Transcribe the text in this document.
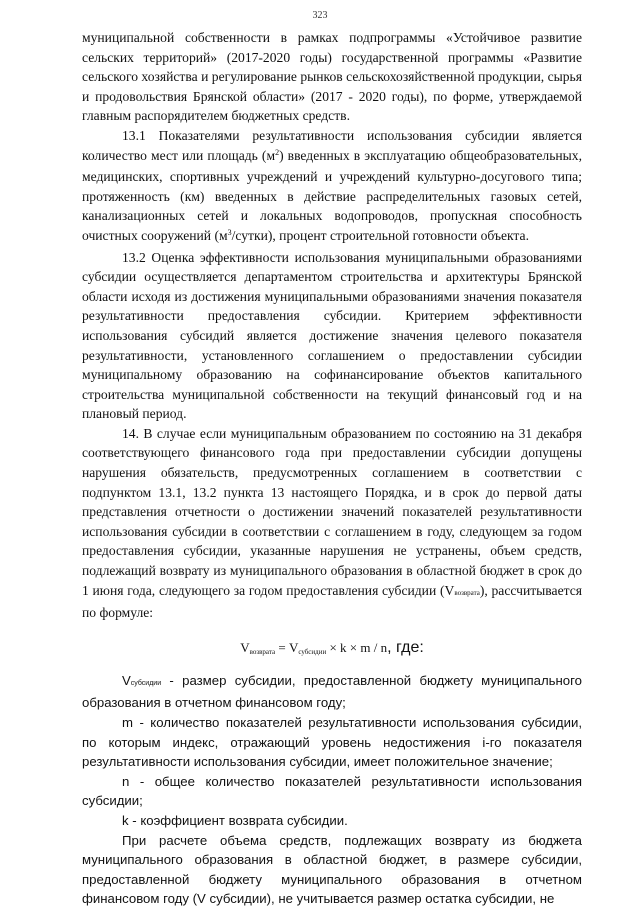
323

муниципальной собственности в рамках подпрограммы «Устойчивое развитие сельских территорий» (2017-2020 годы) государственной программы «Развитие сельского хозяйства и регулирование рынков сельскохозяйственной продукции, сырья и продовольствия Брянской области» (2017 - 2020 годы), по форме, утверждаемой главным распорядителем бюджетных средств.

13.1 Показателями результативности использования субсидии является количество мест или площадь $(м^2)$ введенных в эксплуатацию общеобразовательных, медицинских, спортивных учреждений и учреждений культурно-досугового типа; протяженность (км) введенных в действие распределительных газовых сетей, канализационных сетей и локальных водопроводов, пропускная способность очистных сооружений $(м^3/сутки)$, процент строительной готовности объекта.

13.2 Оценка эффективности использования муниципальными образованиями субсидии осуществляется департаментом строительства и архитектуры Брянской области исходя из достижения муниципальными образованиями значения показателя результативности предоставления субсидии. Критерием эффективности использования субсидий является достижение значения целевого показателя результативности, установленного соглашением о предоставлении субсидии муниципальному образованию на софинансирование объектов капитального строительства муниципальной собственности на текущий финансовый год и на плановый период.

14. В случае если муниципальным образованием по состоянию на 31 декабря соответствующего финансового года при предоставлении субсидии допущены нарушения обязательств, предусмотренных соглашением в соответствии с подпунктом 13.1, 13.2 пункта 13 настоящего Порядка, и в срок до первой даты представления отчетности о достижении значений показателей результативности использования субсидии в соответствии с соглашением в году, следующем за годом предоставления субсидии, указанные нарушения не устранены, объем средств, подлежащий возврату из муниципального образования в областной бюджет в срок до 1 июня года, следующего за годом предоставления субсидии (Vвозврата), рассчитывается по формуле:

Vвозврата = Vсубсидии × k × m / n, где:

Vсубсидии - размер субсидии, предоставленной бюджету муниципального образования в отчетном финансовом году;

m - количество показателей результативности использования субсидии, по которым индекс, отражающий уровень недостижения i-го показателя результативности использования субсидии, имеет положительное значение;

n - общее количество показателей результативности использования субсидии;

k - коэффициент возврата субсидии.

При расчете объема средств, подлежащих возврату из бюджета муниципального образования в областной бюджет, в размере субсидии, предоставленной бюджету муниципального образования в отчетном финансовом году (V субсидии), не учитывается размер остатка субсидии, не
